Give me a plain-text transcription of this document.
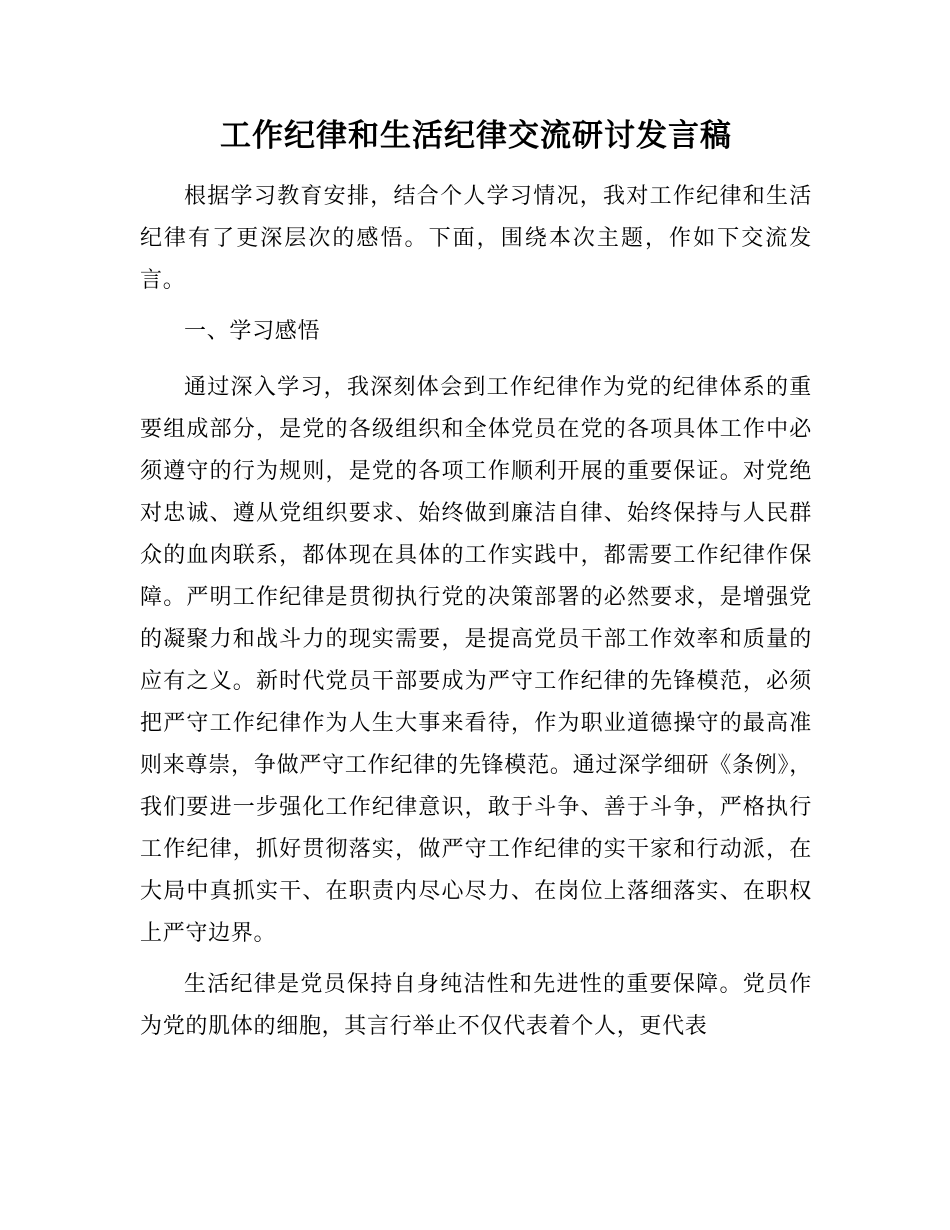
工作纪律和生活纪律交流研讨发言稿

根据学习教育安排，结合个人学习情况，我对工作纪律和生活纪律有了更深层次的感悟。下面，围绕本次主题，作如下交流发言。

一、学习感悟

通过深入学习，我深刻体会到工作纪律作为党的纪律体系的重要组成部分，是党的各级组织和全体党员在党的各项具体工作中必须遵守的行为规则，是党的各项工作顺利开展的重要保证。对党绝对忠诚、遵从党组织要求、始终做到廉洁自律、始终保持与人民群众的血肉联系，都体现在具体的工作实践中，都需要工作纪律作保障。严明工作纪律是贯彻执行党的决策部署的必然要求，是增强党的凝聚力和战斗力的现实需要，是提高党员干部工作效率和质量的应有之义。新时代党员干部要成为严守工作纪律的先锋模范，必须把严守工作纪律作为人生大事来看待，作为职业道德操守的最高准则来尊崇，争做严守工作纪律的先锋模范。通过深学细研《条例》，我们要进一步强化工作纪律意识，敢于斗争、善于斗争，严格执行工作纪律，抓好贯彻落实，做严守工作纪律的实干家和行动派，在大局中真抓实干、在职责内尽心尽力、在岗位上落细落实、在职权上严守边界。

生活纪律是党员保持自身纯洁性和先进性的重要保障。党员作为党的肌体的细胞，其言行举止不仅代表着个人，更代表
